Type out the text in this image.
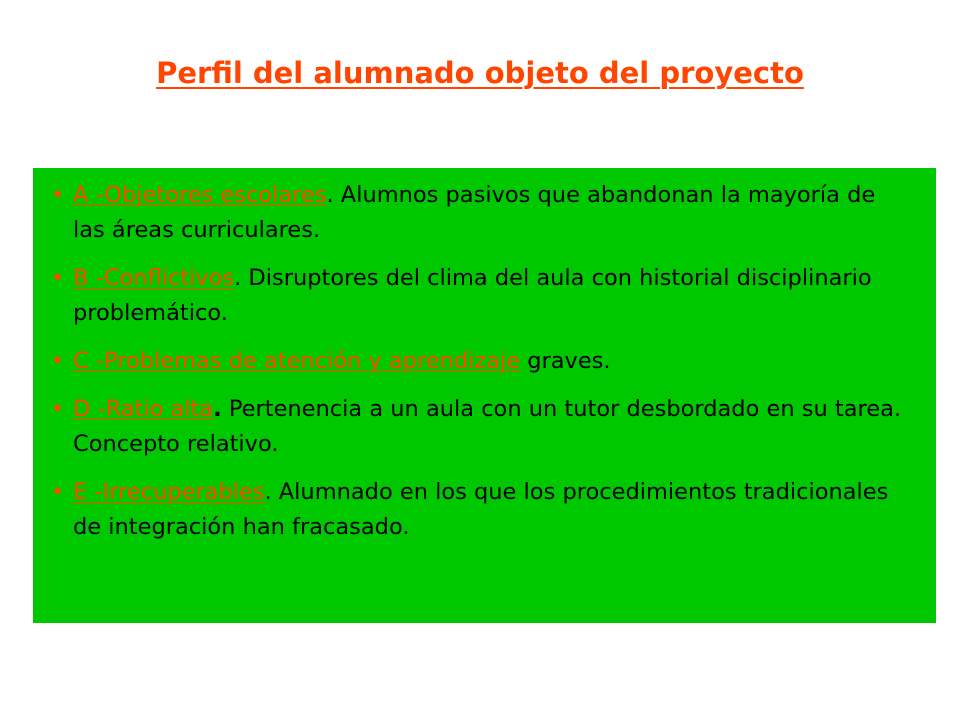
Perfil del alumnado objeto del proyecto
• A -Objetores escolares. Alumnos pasivos que abandonan la mayoría de las áreas curriculares.
• B -Conflictivos. Disruptores del clima del aula con historial disciplinario problemático.
• C -Problemas de atención y aprendizaje graves.
• D -Ratio alta. Pertenencia a un aula con un tutor desbordado en su tarea. Concepto relativo.
• E -Irrecuperables. Alumnado en los que los procedimientos tradicionales de integración han fracasado.
